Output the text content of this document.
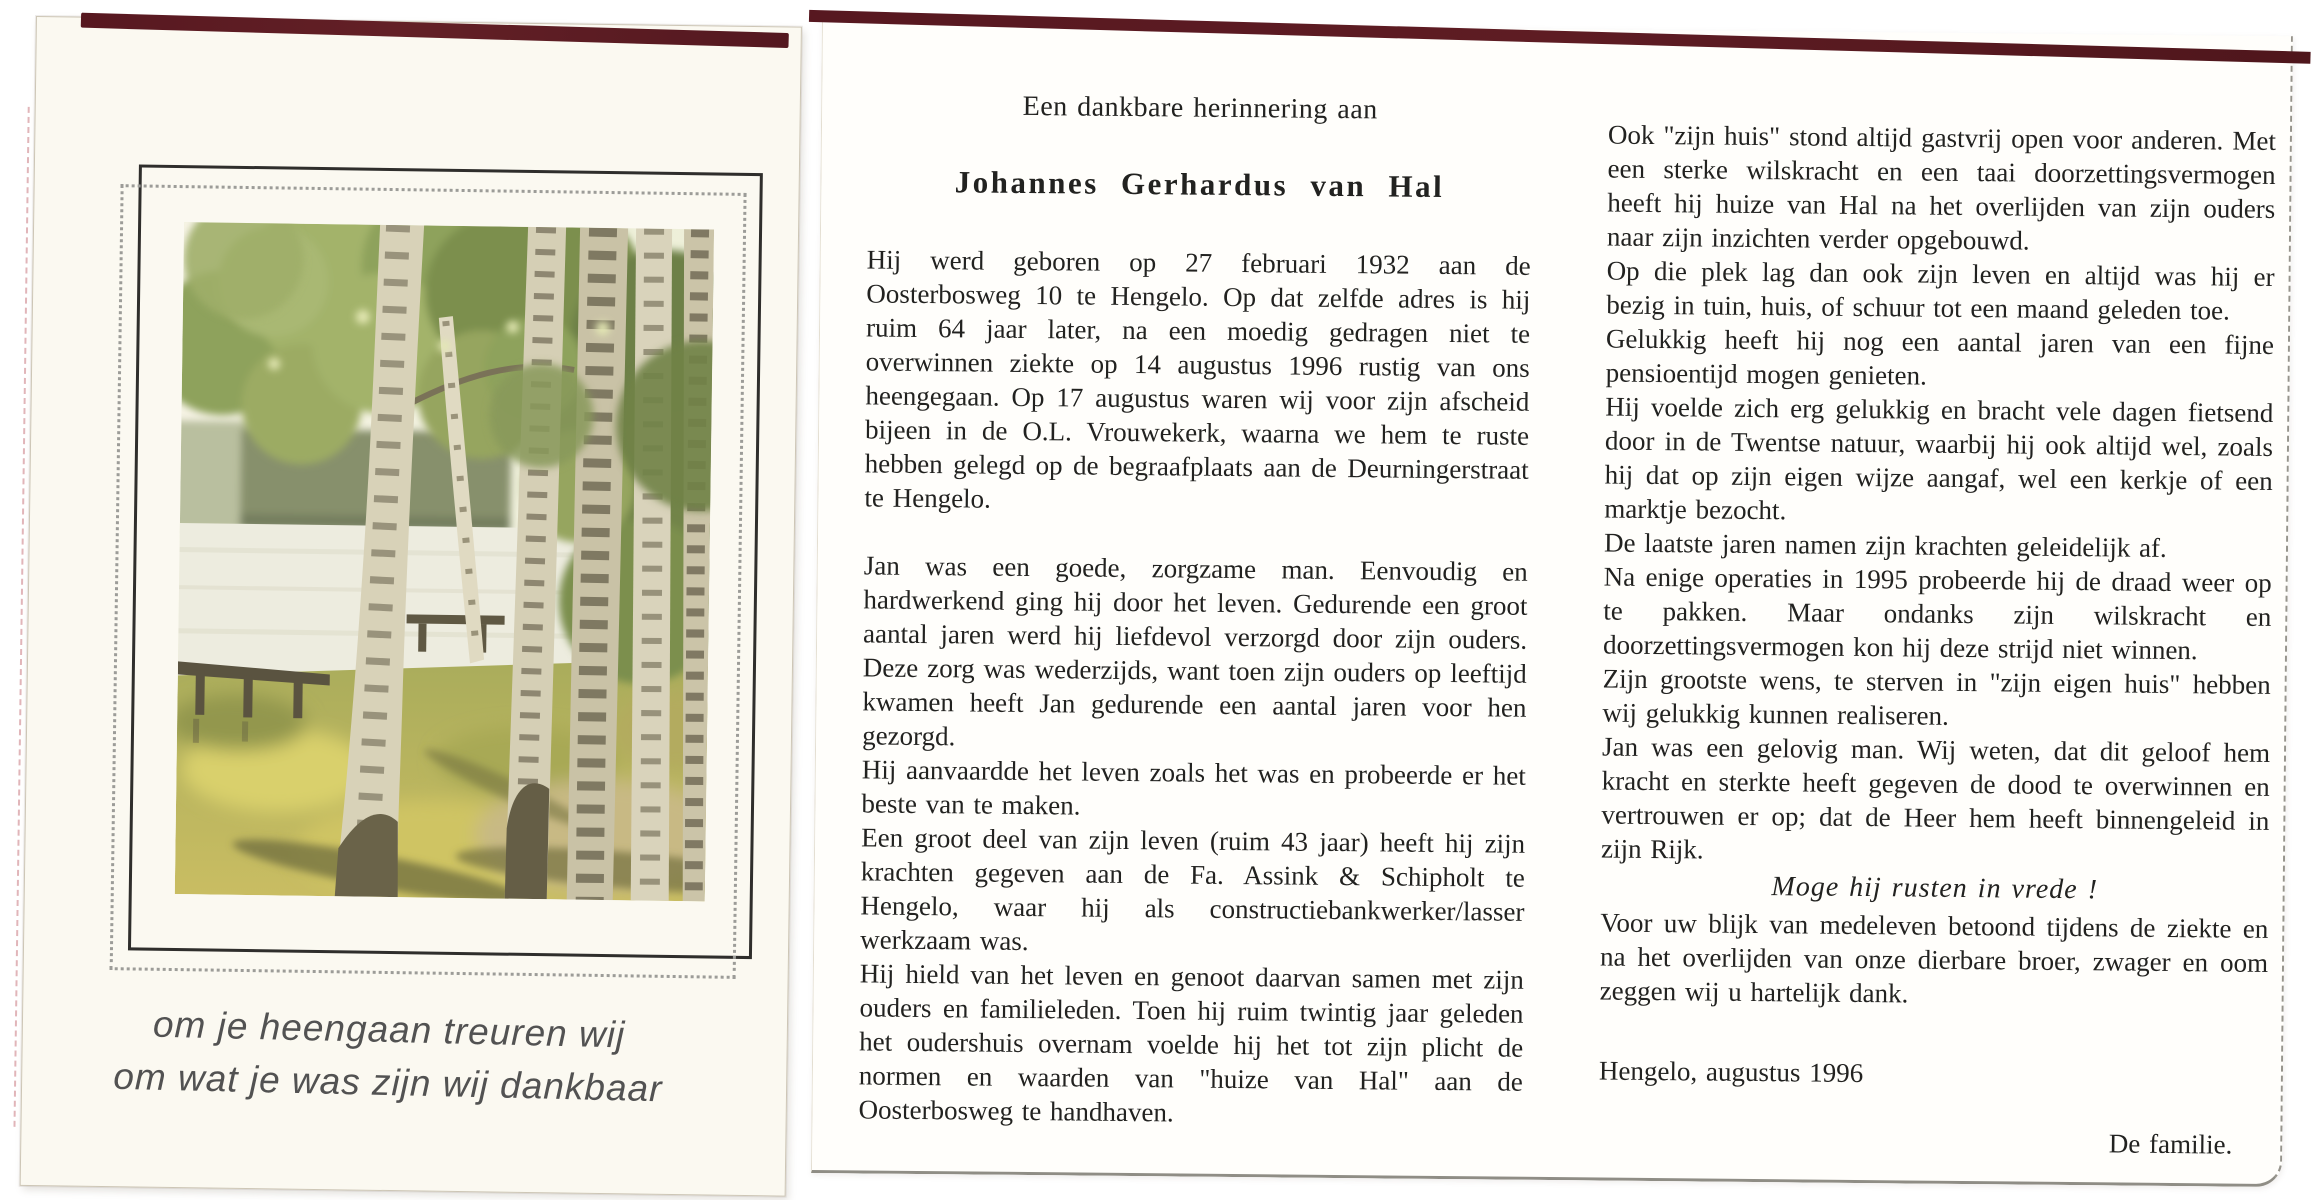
om je heengaan treuren wij
om wat je was zijn wij dankbaar
Een dankbare herinnering aan
Johannes Gerhardus van Hal

Hij werd geboren op 27 februari 1932 aan de Oosterbosweg 10 te Hengelo. Op dat zelfde adres is hij ruim 64 jaar later, na een moedig gedragen niet te overwinnen ziekte op 14 augustus 1996 rustig van ons heengegaan. Op 17 augustus waren wij voor zijn afscheid bijeen in de O.L. Vrouwekerk, waarna we hem te ruste hebben gelegd op de begraafplaats aan de Deurningerstraat te Hengelo.

Jan was een goede, zorgzame man. Eenvoudig en hardwerkend ging hij door het leven. Gedurende een groot aantal jaren werd hij liefdevol verzorgd door zijn ouders. Deze zorg was wederzijds, want toen zijn ouders op leeftijd kwamen heeft Jan gedurende een aantal jaren voor hen gezorgd.

Hij aanvaardde het leven zoals het was en probeerde er het beste van te maken.

Een groot deel van zijn leven (ruim 43 jaar) heeft hij zijn krachten gegeven aan de Fa. Assink & Schipholt te Hengelo, waar hij als constructiebankwerker/lasser werkzaam was.

Hij hield van het leven en genoot daarvan samen met zijn ouders en familieleden. Toen hij ruim twintig jaar geleden het oudershuis overnam voelde hij het tot zijn plicht de normen en waarden van "huize van Hal" aan de Oosterbosweg te handhaven.

Ook "zijn huis" stond altijd gastvrij open voor anderen. Met een sterke wilskracht en een taai doorzettingsvermogen heeft hij huize van Hal na het overlijden van zijn ouders naar zijn inzichten verder opgebouwd.

Op die plek lag dan ook zijn leven en altijd was hij er bezig in tuin, huis, of schuur tot een maand geleden toe.

Gelukkig heeft hij nog een aantal jaren van een fijne pensioentijd mogen genieten.

Hij voelde zich erg gelukkig en bracht vele dagen fietsend door in de Twentse natuur, waarbij hij ook altijd wel, zoals hij dat op zijn eigen wijze aangaf, wel een kerkje of een marktje bezocht.

De laatste jaren namen zijn krachten geleidelijk af.

Na enige operaties in 1995 probeerde hij de draad weer op te pakken. Maar ondanks zijn wilskracht en doorzettingsvermogen kon hij deze strijd niet winnen.

Zijn grootste wens, te sterven in "zijn eigen huis" hebben wij gelukkig kunnen realiseren.

Jan was een gelovig man. Wij weten, dat dit geloof hem kracht en sterkte heeft gegeven de dood te overwinnen en vertrouwen er op; dat de Heer hem heeft binnengeleid in zijn Rijk.

Moge hij rusten in vrede !

Voor uw blijk van medeleven betoond tijdens de ziekte en na het overlijden van onze dierbare broer, zwager en oom zeggen wij u hartelijk dank.

Hengelo, augustus 1996
De familie.
